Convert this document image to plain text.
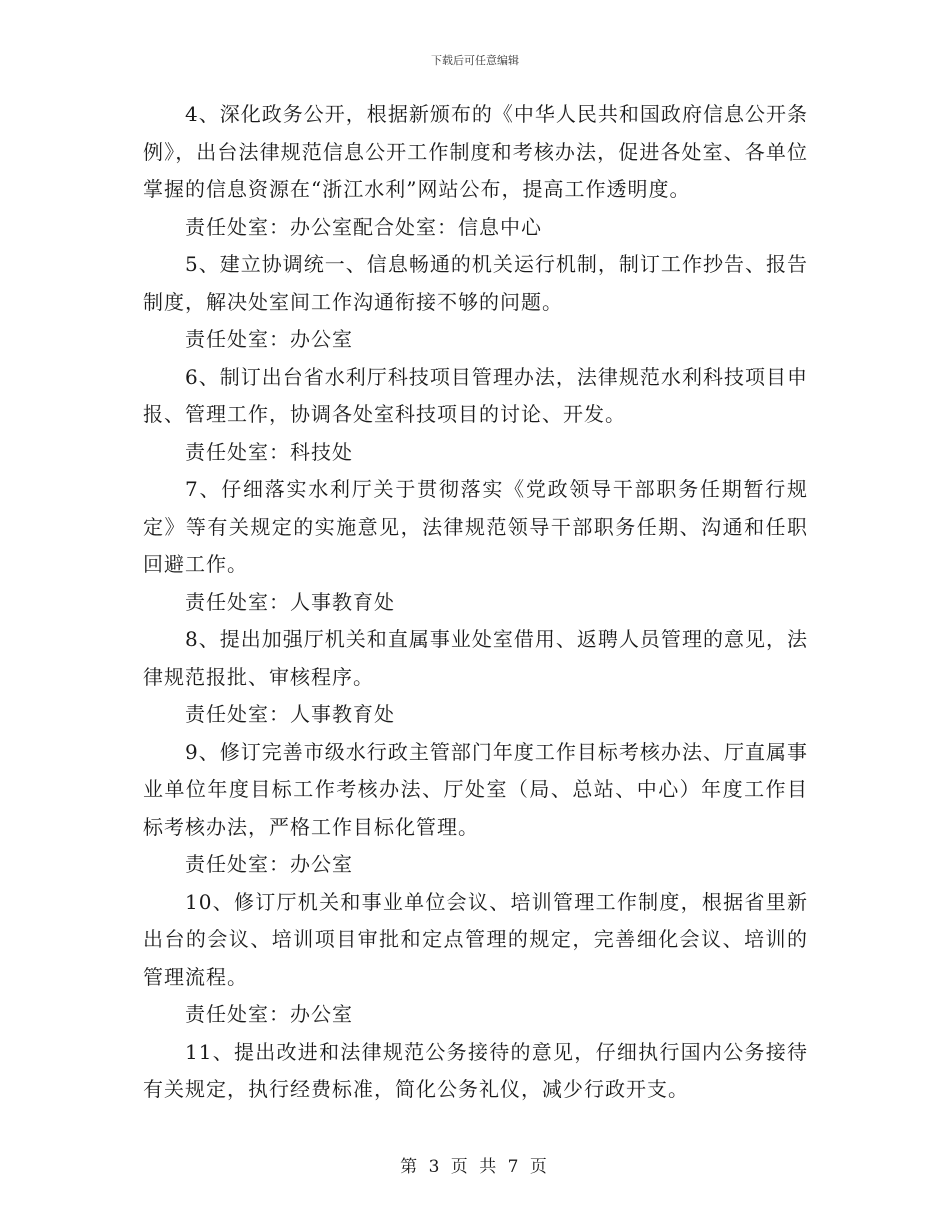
下载后可任意编辑

4、深化政务公开，根据新颁布的《中华人民共和国政府信息公开条例》，出台法律规范信息公开工作制度和考核办法，促进各处室、各单位掌握的信息资源在“浙江水利”网站公布，提高工作透明度。

责任处室：办公室配合处室：信息中心

5、建立协调统一、信息畅通的机关运行机制，制订工作抄告、报告制度，解决处室间工作沟通衔接不够的问题。

责任处室：办公室

6、制订出台省水利厅科技项目管理办法，法律规范水利科技项目申报、管理工作，协调各处室科技项目的讨论、开发。

责任处室：科技处

7、仔细落实水利厅关于贯彻落实《党政领导干部职务任期暂行规定》等有关规定的实施意见，法律规范领导干部职务任期、沟通和任职回避工作。

责任处室：人事教育处

8、提出加强厅机关和直属事业处室借用、返聘人员管理的意见，法律规范报批、审核程序。

责任处室：人事教育处

9、修订完善市级水行政主管部门年度工作目标考核办法、厅直属事业单位年度目标工作考核办法、厅处室（局、总站、中心）年度工作目标考核办法，严格工作目标化管理。

责任处室：办公室

10、修订厅机关和事业单位会议、培训管理工作制度，根据省里新出台的会议、培训项目审批和定点管理的规定，完善细化会议、培训的管理流程。

责任处室：办公室

11、提出改进和法律规范公务接待的意见，仔细执行国内公务接待有关规定，执行经费标准，简化公务礼仪，减少行政开支。

第 3 页 共 7 页
